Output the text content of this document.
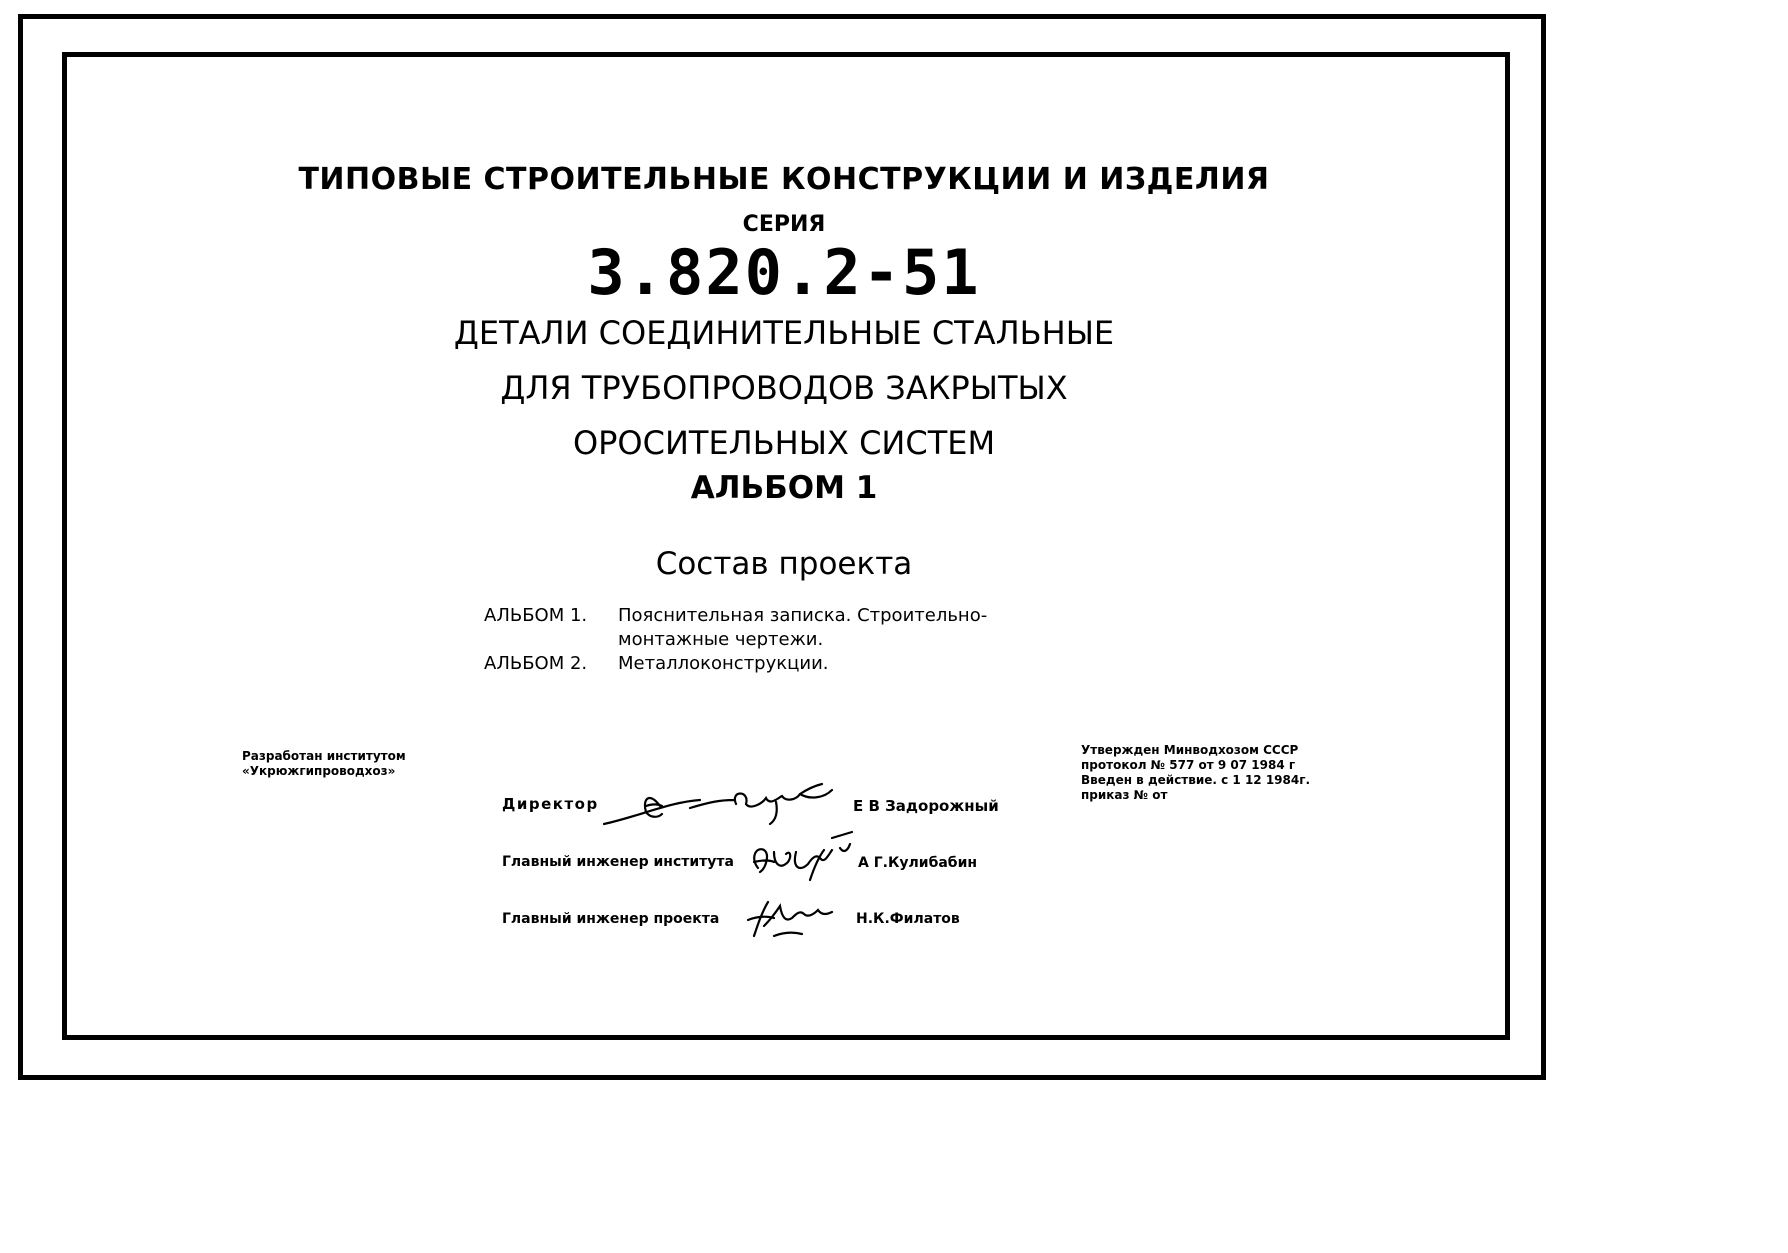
ТИПОВЫЕ СТРОИТЕЛЬНЫЕ КОНСТРУКЦИИ И ИЗДЕЛИЯ
СЕРИЯ
3.820.2-51
ДЕТАЛИ СОЕДИНИТЕЛЬНЫЕ СТАЛЬНЫЕ
ДЛЯ ТРУБОПРОВОДОВ ЗАКРЫТЫХ
ОРОСИТЕЛЬНЫХ СИСТЕМ
АЛЬБОМ 1
Состав проекта
АЛЬБОМ 1.	Пояснительная записка. Строительно-
монтажные чертежи.
АЛЬБОМ 2.	Металлоконструкции.
Разработан институтом
«Укрюжгипроводхоз»
Утвержден Минводхозом СССР
протокол № 577 от 9 07 1984 г
Введен в действие. с 1 12 1984г.
приказ № от
Директор	Е В Задорожный
Главный инженер института	А Г.Кулибабин
Главный инженер проекта	Н.К.Филатов
